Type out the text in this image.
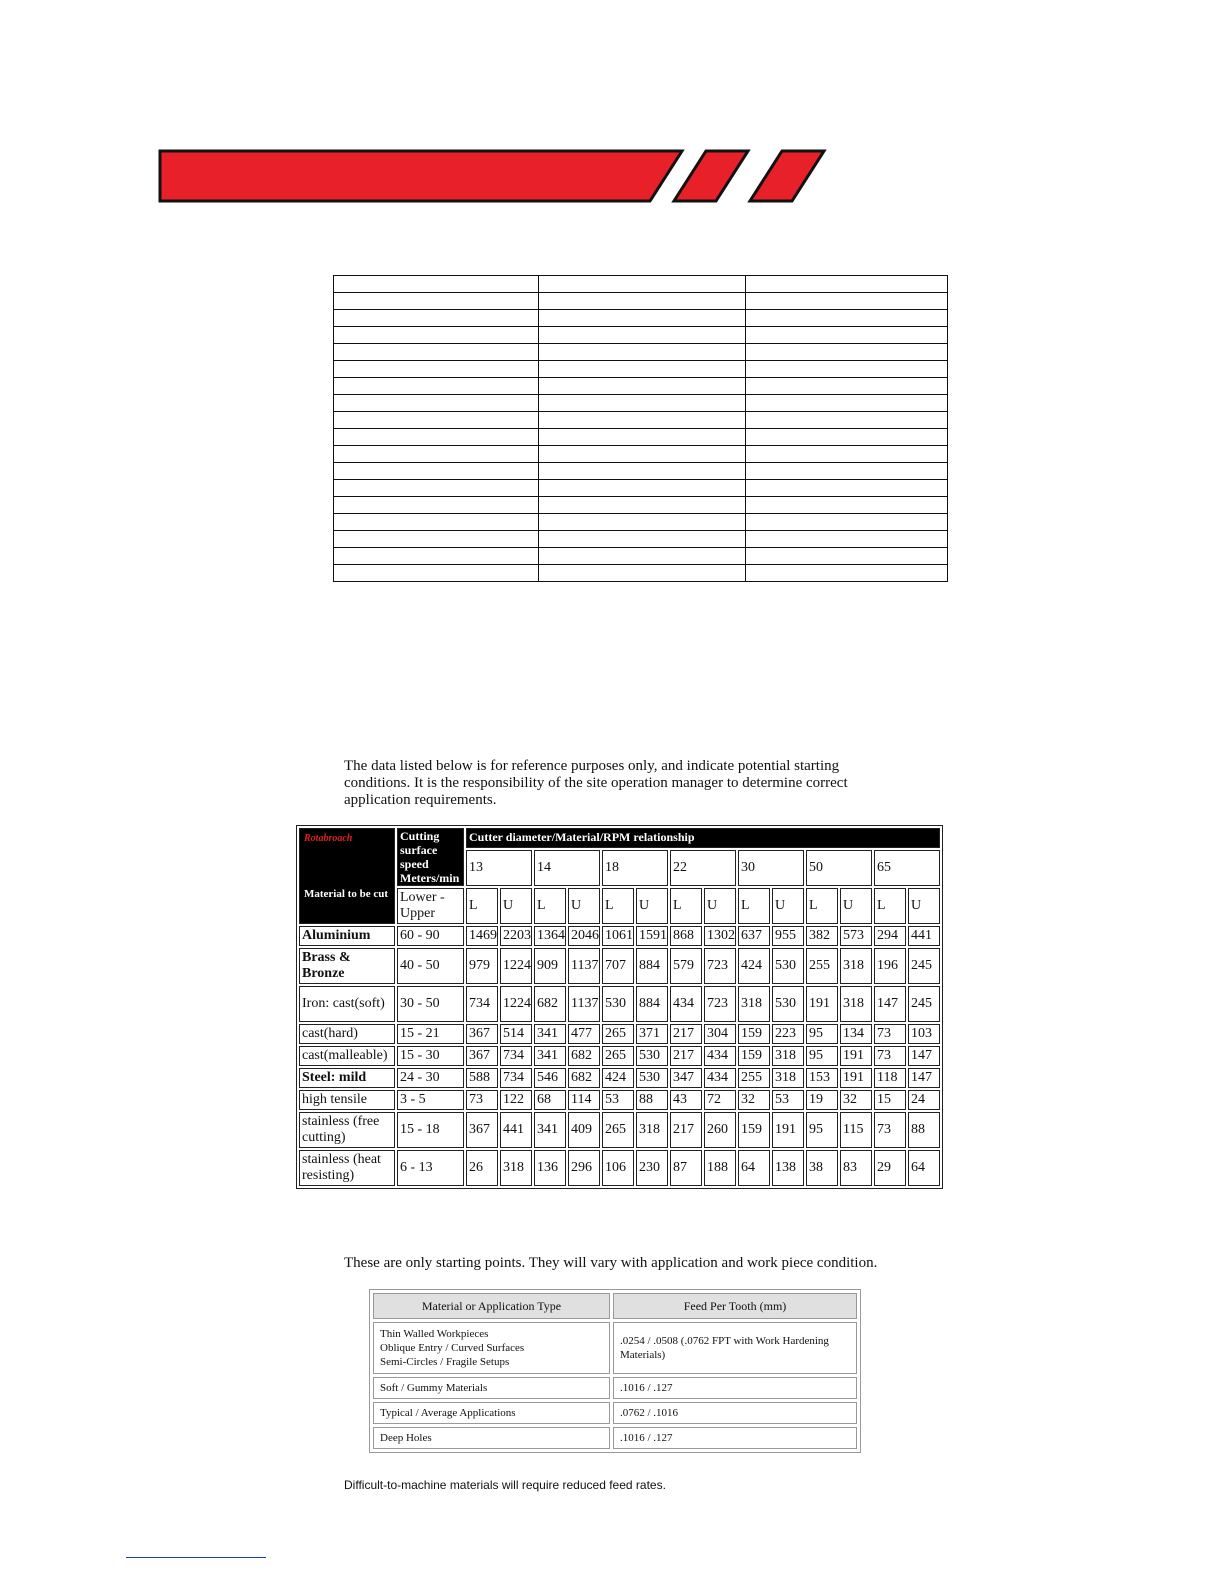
The data listed below is for reference purposes only, and indicate potential starting conditions. It is the responsibility of the site operation manager to determine correct application requirements.

Rotabroach
Material to be cut	Cutting surface speed Meters/min	Cutter diameter/Material/RPM relationship													
		13		14		18		22		30		50		65	
	Lower - Upper	L	U	L	U	L	U	L	U	L	U	L	U	L	U
Aluminium	60 - 90	1469	2203	1364	2046	1061	1591	868	1302	637	955	382	573	294	441
Brass & Bronze	40 - 50	979	1224	909	1137	707	884	579	723	424	530	255	318	196	245
Iron: cast(soft)	30 - 50	734	1224	682	1137	530	884	434	723	318	530	191	318	147	245
cast(hard)	15 - 21	367	514	341	477	265	371	217	304	159	223	95	134	73	103
cast(malleable)	15 - 30	367	734	341	682	265	530	217	434	159	318	95	191	73	147
Steel: mild	24 - 30	588	734	546	682	424	530	347	434	255	318	153	191	118	147
high tensile	3 - 5	73	122	68	114	53	88	43	72	32	53	19	32	15	24
stainless (free cutting)	15 - 18	367	441	341	409	265	318	217	260	159	191	95	115	73	88
stainless (heat resisting)	6 - 13	26	318	136	296	106	230	87	188	64	138	38	83	29	64

These are only starting points. They will vary with application and work piece condition.

Material or Application Type	Feed Per Tooth (mm)

Thin Walled Workpieces
Oblique Entry / Curved Surfaces
Semi-Circles / Fragile Setups	.0254 / .0508 (.0762 FPT with Work Hardening Materials)
Soft / Gummy Materials	.1016 / .127
Typical / Average Applications	.0762 / .1016
Deep Holes	.1016 / .127
Difficult-to-machine materials will require reduced feed rates.
